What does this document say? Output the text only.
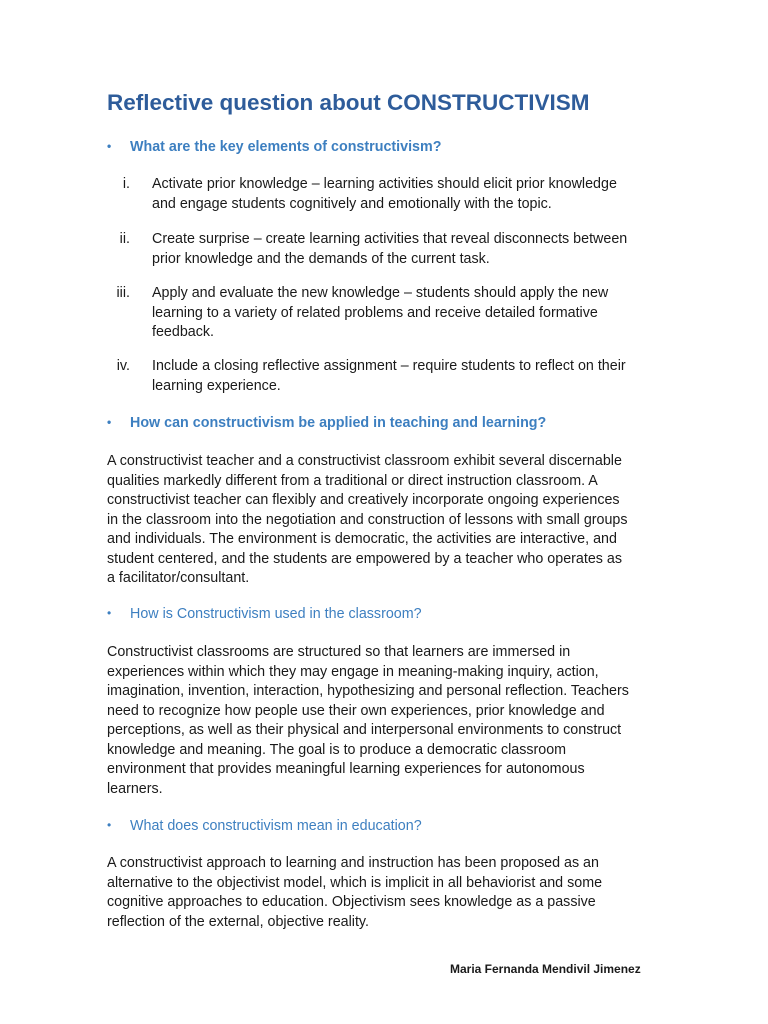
Reflective question about CONSTRUCTIVISM
• What are the key elements of constructivism?
i. Activate prior knowledge – learning activities should elicit prior knowledge
and engage students cognitively and emotionally with the topic.
ii. Create surprise – create learning activities that reveal disconnects between
prior knowledge and the demands of the current task.
iii. Apply and evaluate the new knowledge – students should apply the new
learning to a variety of related problems and receive detailed formative
feedback.
iv. Include a closing reflective assignment – require students to reflect on their
learning experience.
• How can constructivism be applied in teaching and learning?
A constructivist teacher and a constructivist classroom exhibit several discernable
qualities markedly different from a traditional or direct instruction classroom. A
constructivist teacher can flexibly and creatively incorporate ongoing experiences
in the classroom into the negotiation and construction of lessons with small groups
and individuals. The environment is democratic, the activities are interactive, and
student centered, and the students are empowered by a teacher who operates as
a facilitator/consultant.
• How is Constructivism used in the classroom?
Constructivist classrooms are structured so that learners are immersed in
experiences within which they may engage in meaning-making inquiry, action,
imagination, invention, interaction, hypothesizing and personal reflection. Teachers
need to recognize how people use their own experiences, prior knowledge and
perceptions, as well as their physical and interpersonal environments to construct
knowledge and meaning. The goal is to produce a democratic classroom
environment that provides meaningful learning experiences for autonomous
learners.
• What does constructivism mean in education?
A constructivist approach to learning and instruction has been proposed as an
alternative to the objectivist model, which is implicit in all behaviorist and some
cognitive approaches to education. Objectivism sees knowledge as a passive
reflection of the external, objective reality.
Maria Fernanda Mendivil Jimenez
